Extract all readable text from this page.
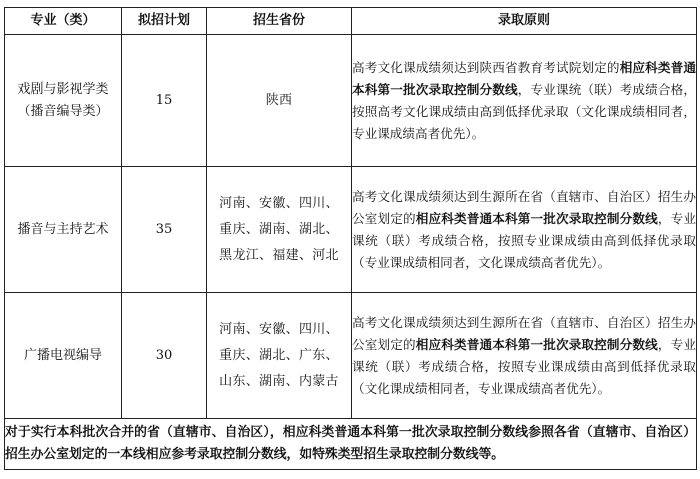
专业（类）	拟招计划	招生省份	录取原则

戏剧与影视学类
（播音编导类）	15	陕西	高考文化课成绩须达到陕西省教育考试院划定的相应科类普通本科第一批次录取控制分数线，专业课统（联）考成绩合格，按照高考文化课成绩由高到低择优录取（文化课成绩相同者，专业课成绩高者优先）。

播音与主持艺术	35	河南、安徽、四川、
重庆、湖南、湖北、
黑龙江、福建、河北	高考文化课成绩须达到生源所在省（直辖市、自治区）招生办公室划定的相应科类普通本科第一批次录取控制分数线，专业课统（联）考成绩合格，按照专业课成绩由高到低择优录取（专业课成绩相同者，文化课成绩高者优先）。

广播电视编导	30	河南、安徽、四川、
重庆、湖北、广东、
山东、湖南、内蒙古	高考文化课成绩须达到生源所在省（直辖市、自治区）招生办公室划定的相应科类普通本科第一批次录取控制分数线，专业课统（联）考成绩合格，按照专业课成绩由高到低择优录取（文化课成绩相同者，专业课成绩高者优先）。
对于实行本科批次合并的省（直辖市、自治区），相应科类普通本科第一批次录取控制分数线参照各省（直辖市、自治区）招生办公室划定的一本线相应参考录取控制分数线，如特殊类型招生录取控制分数线等。			
